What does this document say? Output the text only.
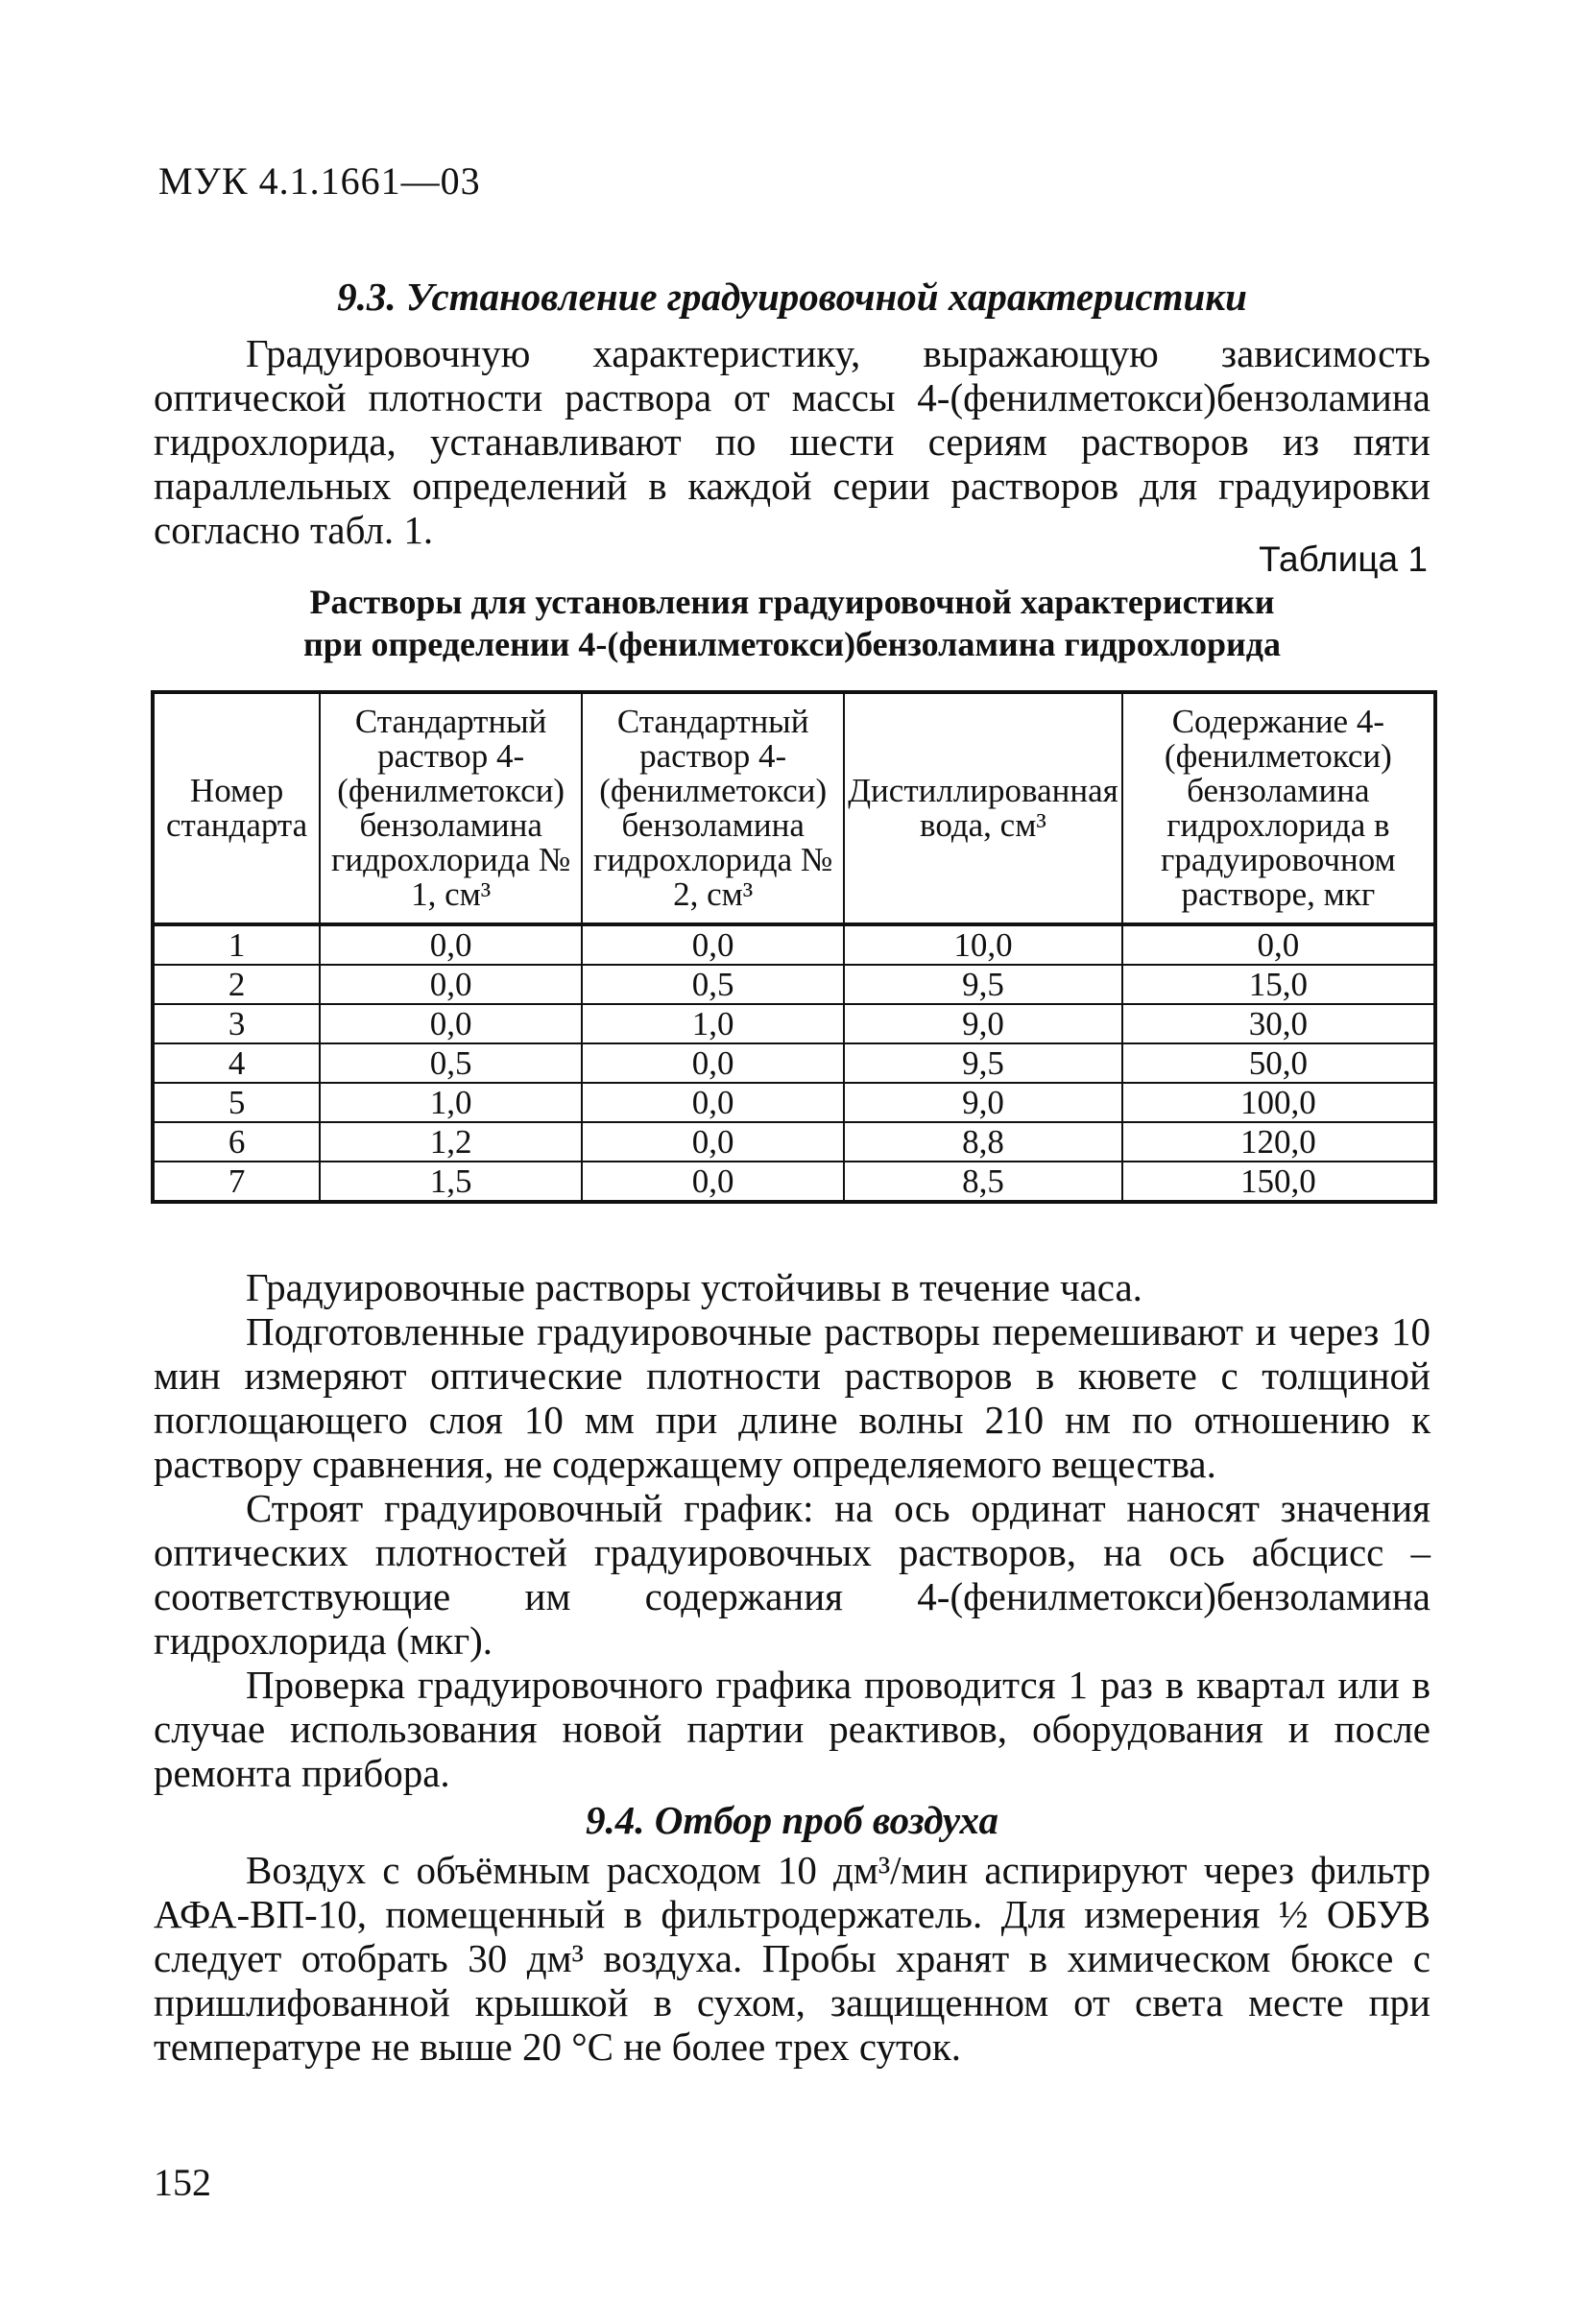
МУК 4.1.1661—03
9.3. Установление градуировочной характеристики

Градуировочную характеристику, выражающую зависимость оптической плотности раствора от массы 4-(фенилметокси)бензоламина гидрохлорида, устанавливают по шести сериям растворов из пяти параллельных определений в каждой серии растворов для градуировки согласно табл. 1.

Таблица 1
Растворы для установления градуировочной характеристики
при определении 4-(фенилметокси)бензоламина гидрохлорида
Номер стандарта	Стандартный раствор 4-(фенилметокси) бензоламина гидрохлорида № 1, см³	Стандартный раствор 4-(фенилметокси) бензоламина гидрохлорида № 2, см³	Дистиллированная вода, см³	Содержание 4-(фенилметокси) бензоламина гидрохлорида в градуировочном растворе, мкг
1	0,0	0,0	10,0	0,0
2	0,0	0,5	9,5	15,0
3	0,0	1,0	9,0	30,0
4	0,5	0,0	9,5	50,0
5	1,0	0,0	9,0	100,0
6	1,2	0,0	8,8	120,0
7	1,5	0,0	8,5	150,0

Градуировочные растворы устойчивы в течение часа.

Подготовленные градуировочные растворы перемешивают и через 10 мин измеряют оптические плотности растворов в кювете с толщиной поглощающего слоя 10 мм при длине волны 210 нм по отношению к раствору сравнения, не содержащему определяемого вещества.

Строят градуировочный график: на ось ординат наносят значения оптических плотностей градуировочных растворов, на ось абсцисс – соответствующие им содержания 4-(фенилметокси)бензоламина гидрохлорида (мкг).

Проверка градуировочного графика проводится 1 раз в квартал или в случае использования новой партии реактивов, оборудования и после ремонта прибора.

9.4. Отбор проб воздуха

Воздух с объёмным расходом 10 дм³/мин аспирируют через фильтр АФА-ВП-10, помещенный в фильтродержатель. Для измерения ½ ОБУВ следует отобрать 30 дм³ воздуха. Пробы хранят в химическом бюксе с пришлифованной крышкой в сухом, защищенном от света месте при температуре не выше 20 °С не более трех суток.

152
